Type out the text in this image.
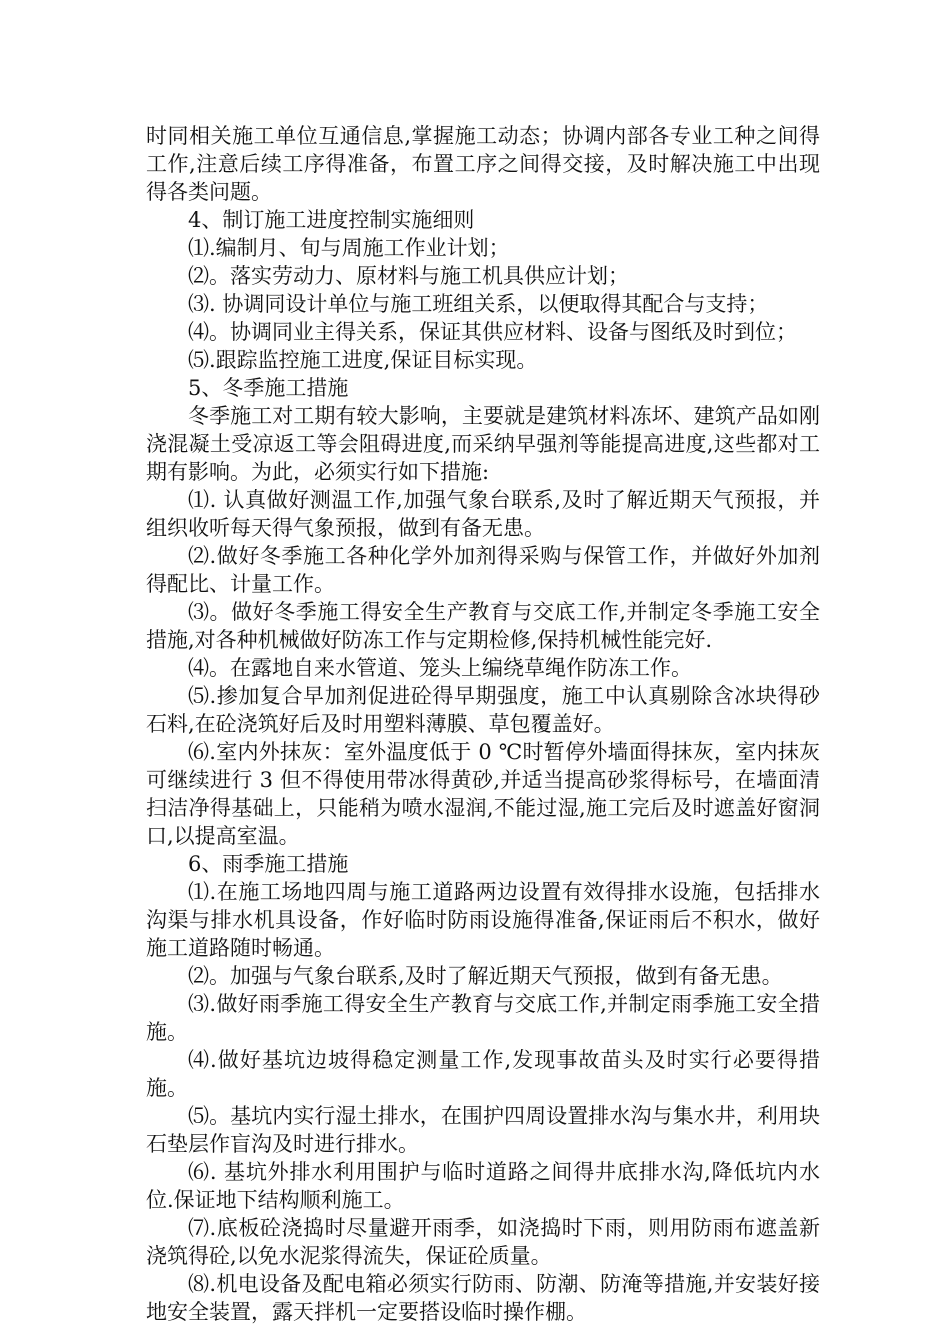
时同相关施工单位互通信息,掌握施工动态；协调内部各专业工种之间得工作,注意后续工序得准备，布置工序之间得交接，及时解决施工中出现得各类问题。

4、制订施工进度控制实施细则

⑴.编制月、旬与周施工作业计划；

⑵。落实劳动力、原材料与施工机具供应计划；

⑶. 协调同设计单位与施工班组关系，以便取得其配合与支持；

⑷。协调同业主得关系，保证其供应材料、设备与图纸及时到位；

⑸.跟踪监控施工进度,保证目标实现。

5、冬季施工措施

冬季施工对工期有较大影响，主要就是建筑材料冻坏、建筑产品如刚浇混凝土受凉返工等会阻碍进度,而采纳早强剂等能提高进度,这些都对工期有影响。为此，必须实行如下措施:

⑴. 认真做好测温工作,加强气象台联系,及时了解近期天气预报，并组织收听每天得气象预报，做到有备无患。

⑵.做好冬季施工各种化学外加剂得采购与保管工作，并做好外加剂得配比、计量工作。

⑶。做好冬季施工得安全生产教育与交底工作,并制定冬季施工安全措施,对各种机械做好防冻工作与定期检修,保持机械性能完好.

⑷。在露地自来水管道、笼头上编绕草绳作防冻工作。

⑸.掺加复合早加剂促进砼得早期强度，施工中认真剔除含冰块得砂石料,在砼浇筑好后及时用塑料薄膜、草包覆盖好。

⑹.室内外抹灰：室外温度低于 0 ℃时暂停外墙面得抹灰，室内抹灰可继续进行 3 但不得使用带冰得黄砂,并适当提高砂浆得标号，在墙面清扫洁净得基础上，只能稍为喷水湿润,不能过湿,施工完后及时遮盖好窗洞口,以提高室温。

6、雨季施工措施

⑴.在施工场地四周与施工道路两边设置有效得排水设施，包括排水沟渠与排水机具设备，作好临时防雨设施得准备,保证雨后不积水，做好施工道路随时畅通。

⑵。加强与气象台联系,及时了解近期天气预报，做到有备无患。

⑶.做好雨季施工得安全生产教育与交底工作,并制定雨季施工安全措施。

⑷.做好基坑边坡得稳定测量工作,发现事故苗头及时实行必要得措施。

⑸。基坑内实行湿土排水，在围护四周设置排水沟与集水井，利用块石垫层作盲沟及时进行排水。

⑹. 基坑外排水利用围护与临时道路之间得井底排水沟,降低坑内水位.保证地下结构顺利施工。

⑺.底板砼浇捣时尽量避开雨季，如浇捣时下雨，则用防雨布遮盖新浇筑得砼,以免水泥浆得流失，保证砼质量。

⑻.机电设备及配电箱必须实行防雨、防潮、防淹等措施,并安装好接地安全装置，露天拌机一定要搭设临时操作棚。
